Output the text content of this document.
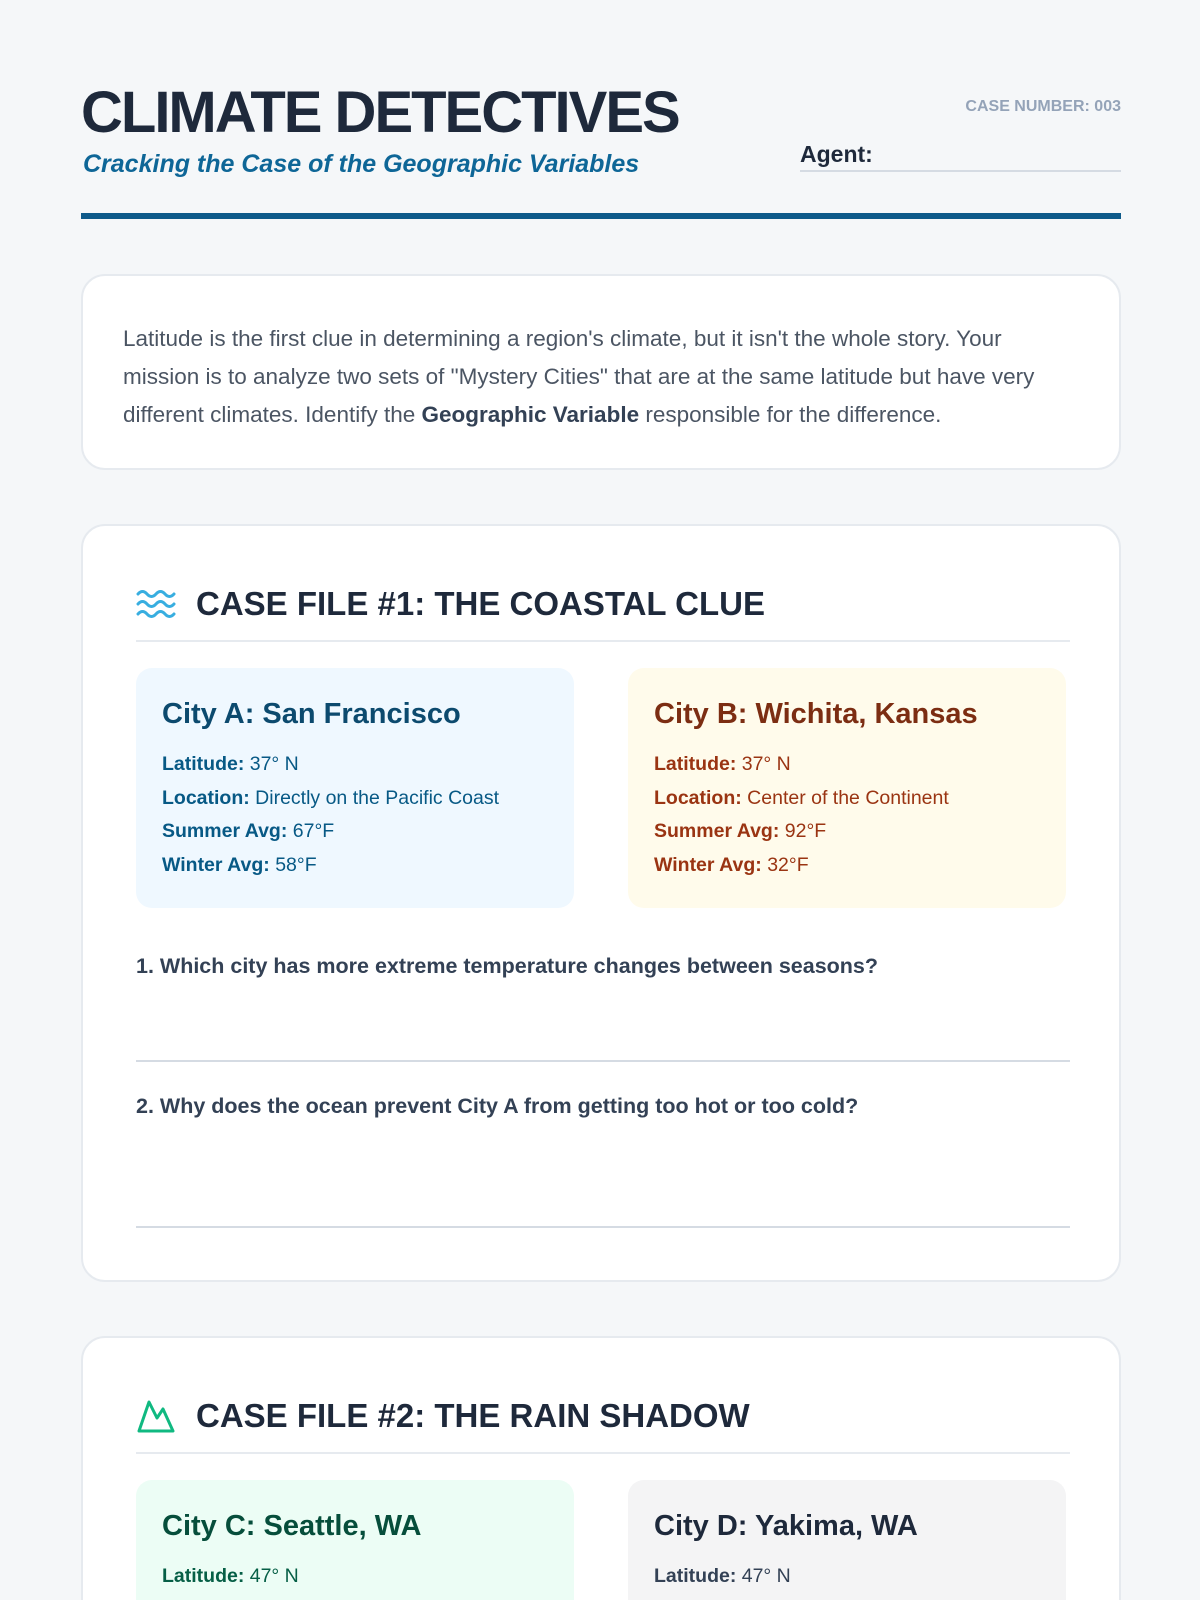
CLIMATE DETECTIVES
Cracking the Case of the Geographic Variables
CASE NUMBER: 003
Agent:

Latitude is the first clue in determining a region's climate, but it isn't the whole story. Your mission is to analyze two sets of "Mystery Cities" that are at the same latitude but have very different climates. Identify the Geographic Variable responsible for the difference.

CASE FILE #1: THE COASTAL CLUE
City A: San Francisco
Latitude: 37° N
Location: Directly on the Pacific Coast
Summer Avg: 67°F
Winter Avg: 58°F
City B: Wichita, Kansas
Latitude: 37° N
Location: Center of the Continent
Summer Avg: 92°F
Winter Avg: 32°F
1. Which city has more extreme temperature changes between seasons?
2. Why does the ocean prevent City A from getting too hot or too cold?
CASE FILE #2: THE RAIN SHADOW
City C: Seattle, WA
Latitude: 47° N
City D: Yakima, WA
Latitude: 47° N
